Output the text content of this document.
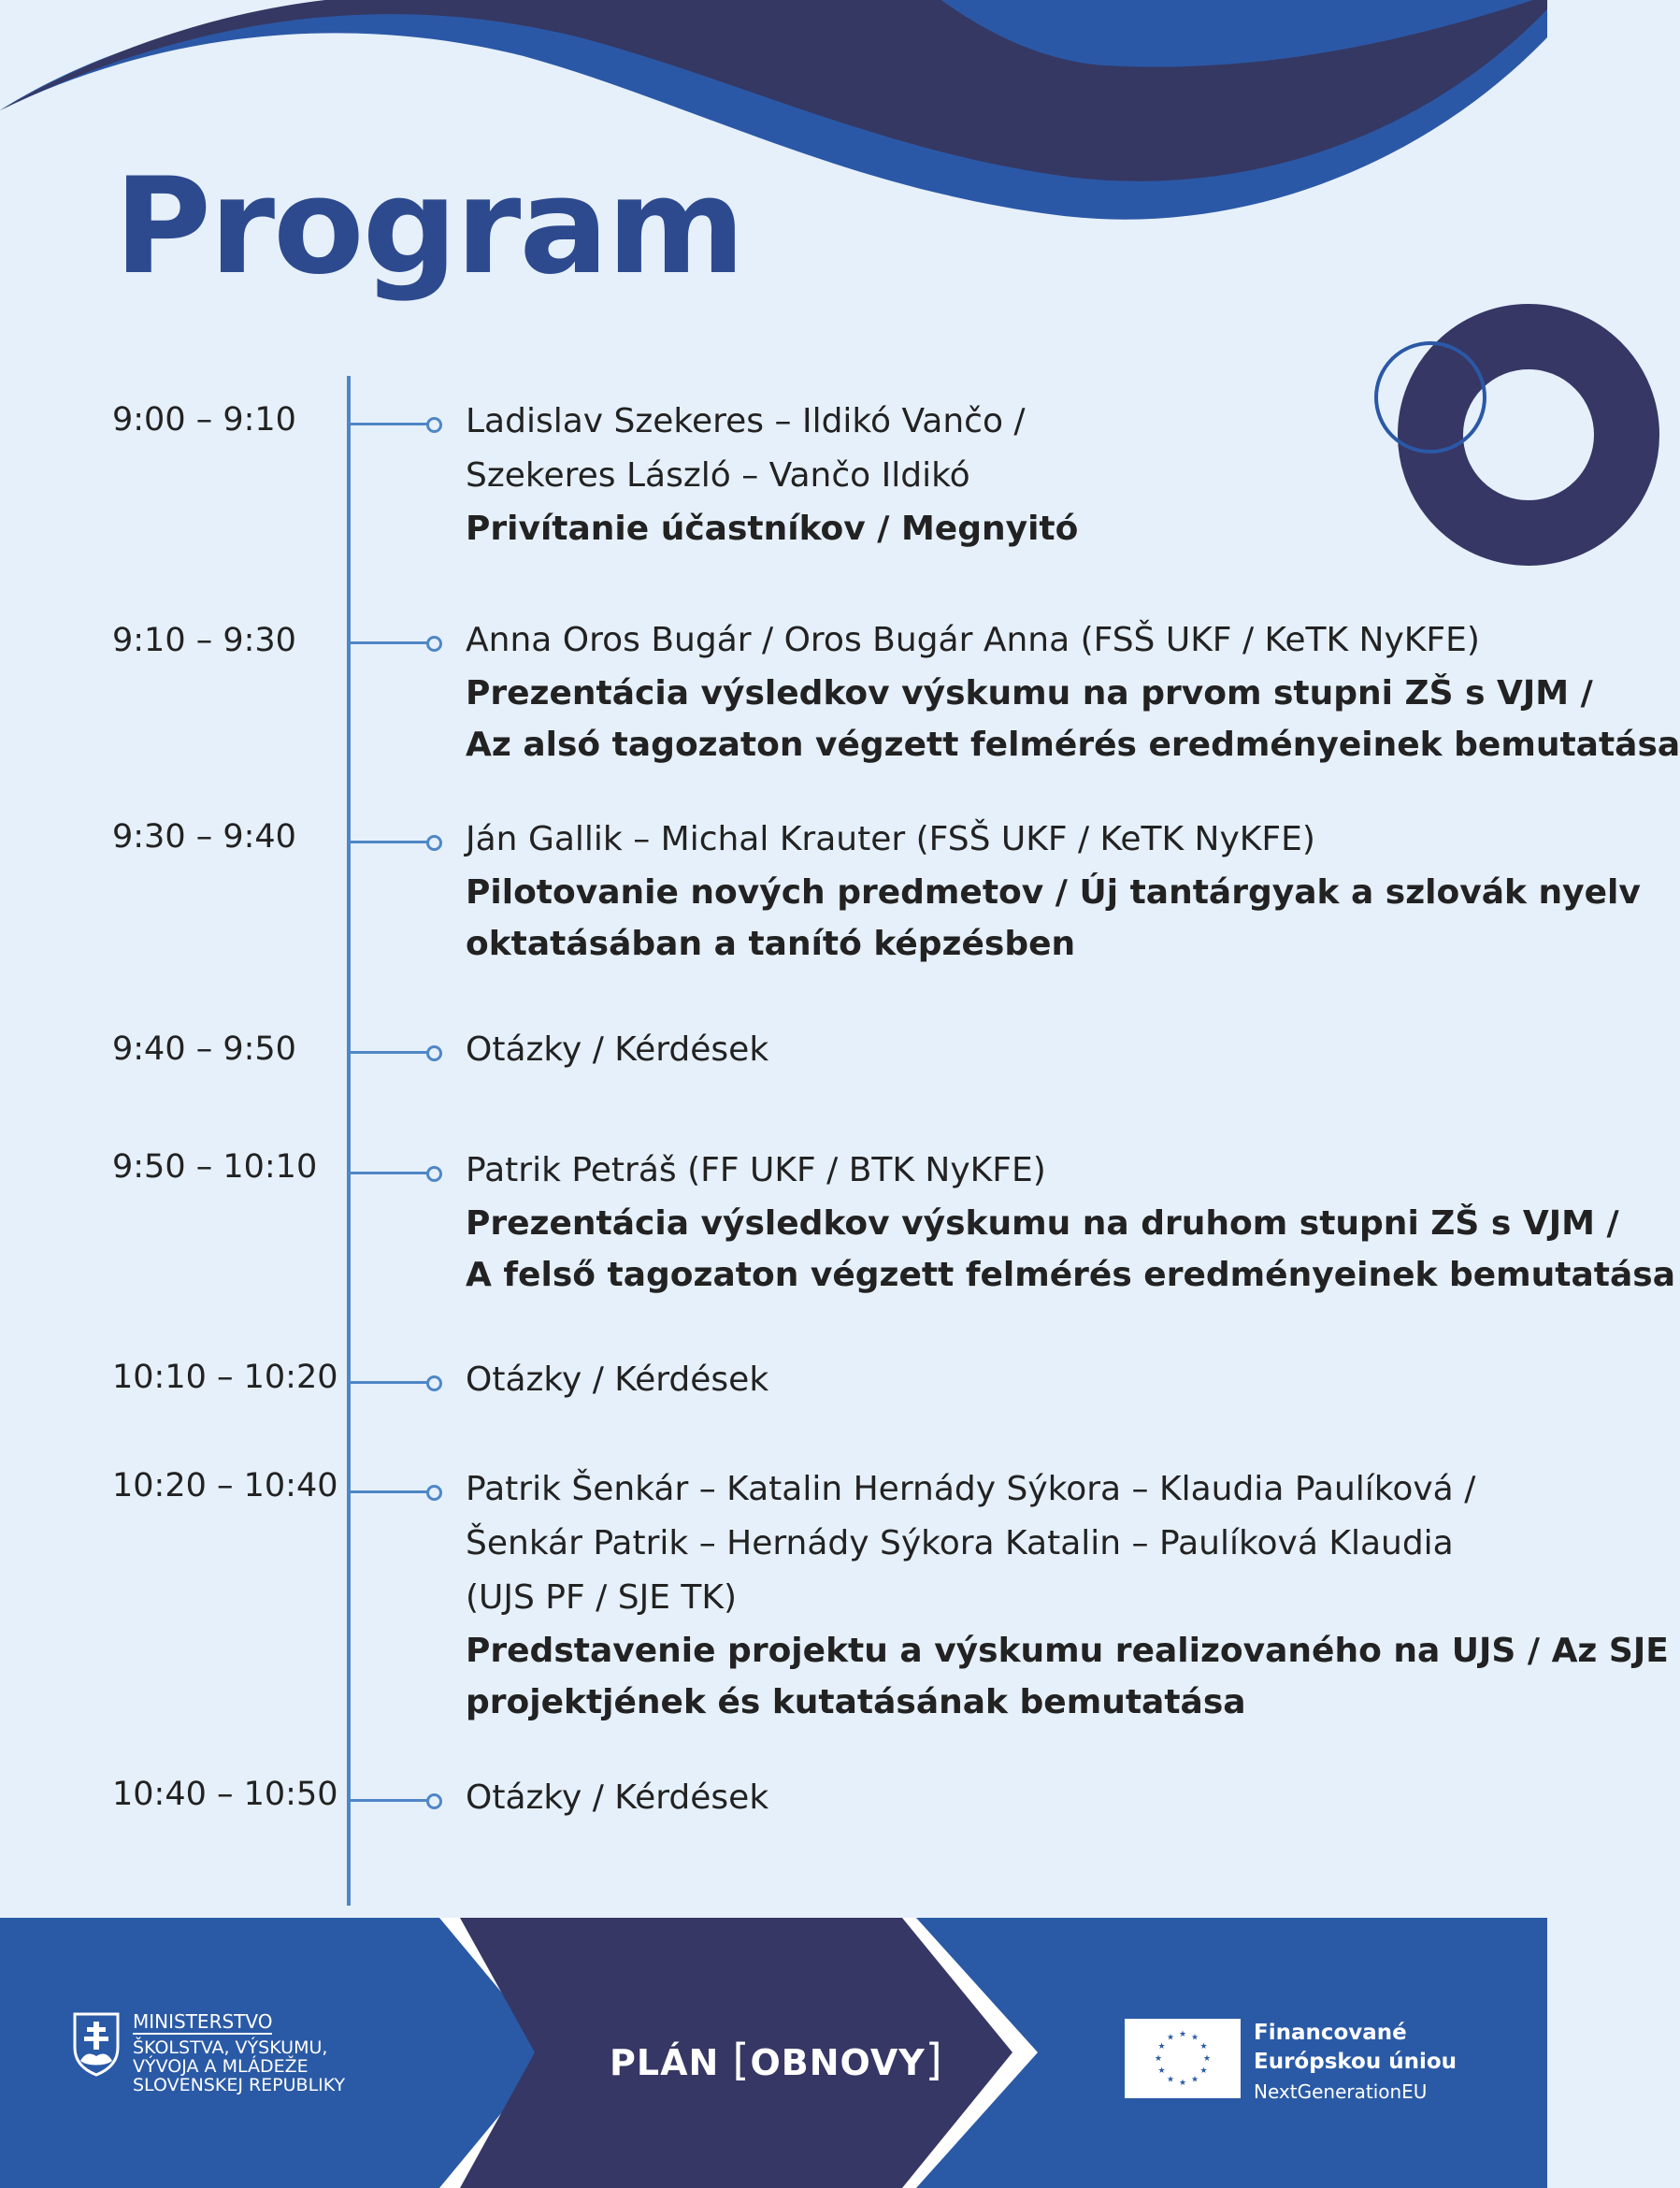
Program
9:00 – 9:10	Ladislav Szekeres – Ildikó Vančo /
Szekeres László – Vančo Ildikó
Privítanie účastníkov / Megnyitó
9:10 – 9:30	Anna Oros Bugár / Oros Bugár Anna (FSŠ UKF / KeTK NyKFE)
Prezentácia výsledkov výskumu na prvom stupni ZŠ s VJM /
Az alsó tagozaton végzett felmérés eredményeinek bemutatása
9:30 – 9:40	Ján Gallik – Michal Krauter (FSŠ UKF / KeTK NyKFE)
Pilotovanie nových predmetov / Új tantárgyak a szlovák nyelv
oktatásában a tanító képzésben
9:40 – 9:50	Otázky / Kérdések
9:50 – 10:10	Patrik Petráš (FF UKF / BTK NyKFE)
Prezentácia výsledkov výskumu na druhom stupni ZŠ s VJM /
A felső tagozaton végzett felmérés eredményeinek bemutatása
10:10 – 10:20	Otázky / Kérdések
10:20 – 10:40	Patrik Šenkár – Katalin Hernády Sýkora – Klaudia Paulíková /
Šenkár Patrik – Hernády Sýkora Katalin – Paulíková Klaudia
(UJS PF / SJE TK)
Predstavenie projektu a výskumu realizovaného na UJS / Az SJE
projektjének és kutatásának bemutatása
10:40 – 10:50	Otázky / Kérdések
MINISTERSTVO
ŠKOLSTVA, VÝSKUMU,
VÝVOJA A MLÁDEŽE
SLOVENSKEJ REPUBLIKY
PLÁN [OBNOVY]	★
★
★
★
★
★
★
★
★ ★ ★
★
Financované
Európskou úniou
NextGenerationEU
